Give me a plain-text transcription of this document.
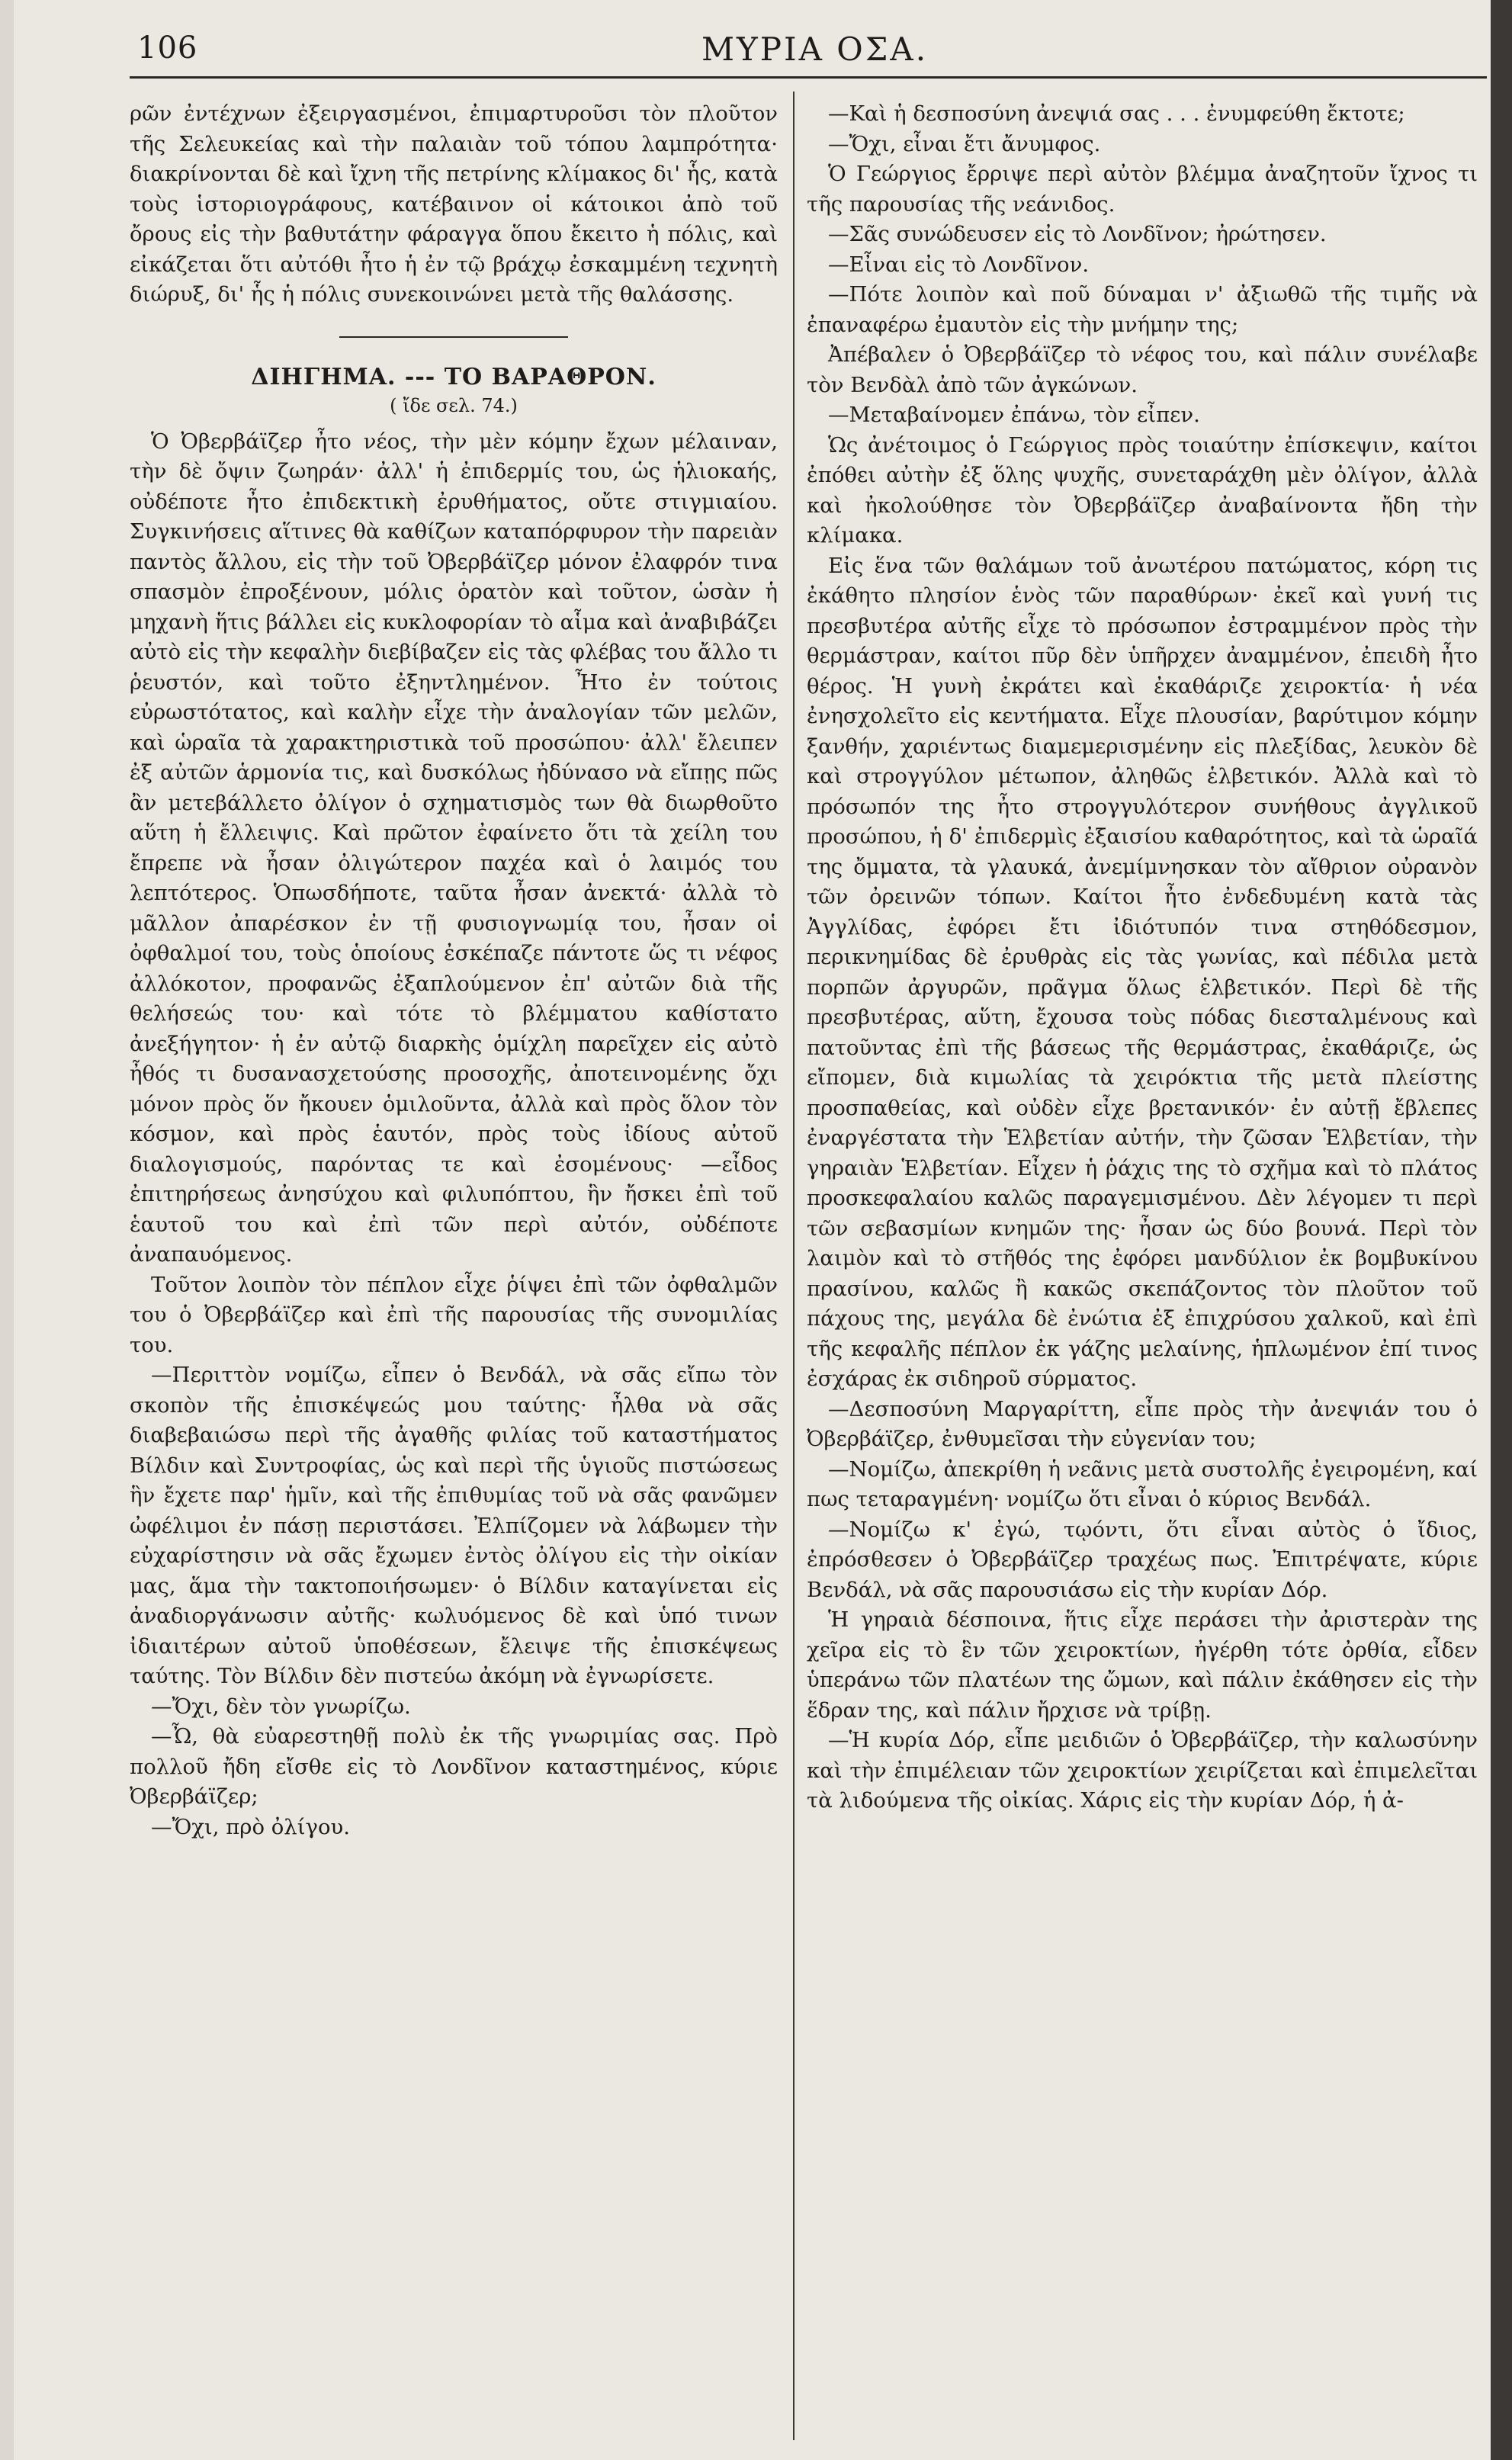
106	ΜΥΡΙΑ ΟΣΑ.

ρῶν ἐντέχνων ἐξειργασμένοι, ἐπιμαρτυροῦσι τὸν πλοῦτον τῆς Σελευκείας καὶ τὴν παλαιὰν τοῦ τόπου λαμπρότητα· διακρίνονται δὲ καὶ ἴχνη τῆς πετρίνης κλίμακος δι' ἧς, κατὰ τοὺς ἱστοριογράφους, κατέβαινον οἱ κάτοικοι ἀπὸ τοῦ ὄρους εἰς τὴν βαθυτάτην φάραγγα ὅπου ἔκειτο ἡ πόλις, καὶ εἰκάζεται ὅτι αὐτόθι ἦτο ἡ ἐν τῷ βράχῳ ἐσκαμμένη τεχνητὴ διώρυξ, δι' ἧς ἡ πόλις συνεκοινώνει μετὰ τῆς θαλάσσης.

ΔΙΗΓΗΜΑ. --- ΤΟ ΒΑΡΑΘΡΟΝ.

( ἴδε σελ. 74.)

Ὁ Ὀβερβάϊζερ ἦτο νέος, τὴν μὲν κόμην ἔχων μέλαιναν, τὴν δὲ ὄψιν ζωηράν· ἀλλ' ἡ ἐπιδερμίς του, ὡς ἡλιοκαής, οὐδέποτε ἦτο ἐπιδεκτικὴ ἐρυθήματος, οὔτε στιγμιαίου. Συγκινήσεις αἵτινες θὰ καθίζων καταπόρφυρον τὴν παρειὰν παντὸς ἄλλου, εἰς τὴν τοῦ Ὀβερβάϊζερ μόνον ἐλαφρόν τινα σπασμὸν ἐπροξένουν, μόλις ὁρατὸν καὶ τοῦτον, ὡσὰν ἡ μηχανὴ ἥτις βάλλει εἰς κυκλοφορίαν τὸ αἷμα καὶ ἀναβιβάζει αὐτὸ εἰς τὴν κεφαλὴν διεβίβαζεν εἰς τὰς φλέβας του ἄλλο τι ῥευστόν, καὶ τοῦτο ἐξηντλημένον. Ἦτο ἐν τούτοις εὐρωστότατος, καὶ καλὴν εἶχε τὴν ἀναλογίαν τῶν μελῶν, καὶ ὡραῖα τὰ χαρακτηριστικὰ τοῦ προσώπου· ἀλλ' ἔλειπεν ἐξ αὐτῶν ἁρμονία τις, καὶ δυσκόλως ἠδύνασο νὰ εἴπῃς πῶς ἂν μετεβάλλετο ὀλίγον ὁ σχηματισμὸς των θὰ διωρθοῦτο αὕτη ἡ ἔλλειψις. Καὶ πρῶτον ἐφαίνετο ὅτι τὰ χείλη του ἔπρεπε νὰ ἦσαν ὀλιγώτερον παχέα καὶ ὁ λαιμός του λεπτότερος. Ὁπωσδήποτε, ταῦτα ἦσαν ἀνεκτά· ἀλλὰ τὸ μᾶλλον ἀπαρέσκον ἐν τῇ φυσιογνωμίᾳ του, ἦσαν οἱ ὀφθαλμοί του, τοὺς ὁποίους ἐσκέπαζε πάντοτε ὥς τι νέφος ἀλλόκοτον, προφανῶς ἐξαπλούμενον ἐπ' αὐτῶν διὰ τῆς θελήσεώς του· καὶ τότε τὸ βλέμματου καθίστατο ἀνεξήγητον· ἡ ἐν αὐτῷ διαρκὴς ὁμίχλη παρεῖχεν εἰς αὐτὸ ἦθός τι δυσανασχετούσης προσοχῆς, ἀποτεινομένης ὄχι μόνον πρὸς ὅν ἤκουεν ὁμιλοῦντα, ἀλλὰ καὶ πρὸς ὅλον τὸν κόσμον, καὶ πρὸς ἑαυτόν, πρὸς τοὺς ἰδίους αὐτοῦ διαλογισμούς, παρόντας τε καὶ ἐσομένους· —εἶδος ἐπιτηρήσεως ἀνησύχου καὶ φιλυπόπτου, ἣν ἤσκει ἐπὶ τοῦ ἑαυτοῦ του καὶ ἐπὶ τῶν περὶ αὐτόν, οὐδέποτε ἀναπαυόμενος.

Τοῦτον λοιπὸν τὸν πέπλον εἶχε ῥίψει ἐπὶ τῶν ὀφθαλμῶν του ὁ Ὀβερβάϊζερ καὶ ἐπὶ τῆς παρουσίας τῆς συνομιλίας του.

—Περιττὸν νομίζω, εἶπεν ὁ Βενδάλ, νὰ σᾶς εἴπω τὸν σκοπὸν τῆς ἐπισκέψεώς μου ταύτης· ἦλθα νὰ σᾶς διαβεβαιώσω περὶ τῆς ἀγαθῆς φιλίας τοῦ καταστήματος Βίλδιν καὶ Συντροφίας, ὡς καὶ περὶ τῆς ὑγιοῦς πιστώσεως ἣν ἔχετε παρ' ἡμῖν, καὶ τῆς ἐπιθυμίας τοῦ νὰ σᾶς φανῶμεν ὠφέλιμοι ἐν πάσῃ περιστάσει. Ἐλπίζομεν νὰ λάβωμεν τὴν εὐχαρίστησιν νὰ σᾶς ἔχωμεν ἐντὸς ὀλίγου εἰς τὴν οἰκίαν μας, ἅμα τὴν τακτοποιήσωμεν· ὁ Βίλδιν καταγίνεται εἰς ἀναδιοργάνωσιν αὐτῆς· κωλυόμενος δὲ καὶ ὑπό τινων ἰδιαιτέρων αὐτοῦ ὑποθέσεων, ἔλειψε τῆς ἐπισκέψεως ταύτης. Τὸν Βίλδιν δὲν πιστεύω ἀκόμη νὰ ἐγνωρίσετε.

—Ὄχι, δὲν τὸν γνωρίζω.

—Ὦ, θὰ εὐαρεστηθῇ πολὺ ἐκ τῆς γνωριμίας σας. Πρὸ πολλοῦ ἤδη εἴσθε εἰς τὸ Λονδῖνον καταστημένος, κύριε Ὀβερβάϊζερ;

—Ὄχι, πρὸ ὀλίγου.

—Καὶ ἡ δεσποσύνη ἀνεψιά σας . . . ἐνυμφεύθη ἔκτοτε;

—Ὄχι, εἶναι ἔτι ἄνυμφος.

Ὁ Γεώργιος ἔρριψε περὶ αὐτὸν βλέμμα ἀναζητοῦν ἴχνος τι τῆς παρουσίας τῆς νεάνιδος.

—Σᾶς συνώδευσεν εἰς τὸ Λονδῖνον; ἠρώτησεν.

—Εἶναι εἰς τὸ Λονδῖνον.

—Πότε λοιπὸν καὶ ποῦ δύναμαι ν' ἀξιωθῶ τῆς τιμῆς νὰ ἐπαναφέρω ἐμαυτὸν εἰς τὴν μνήμην της;

Ἀπέβαλεν ὁ Ὀβερβάϊζερ τὸ νέφος του, καὶ πάλιν συνέλαβε τὸν Βενδὰλ ἀπὸ τῶν ἀγκώνων.

—Μεταβαίνομεν ἐπάνω, τὸν εἶπεν.

Ὡς ἀνέτοιμος ὁ Γεώργιος πρὸς τοιαύτην ἐπίσκεψιν, καίτοι ἐπόθει αὐτὴν ἐξ ὅλης ψυχῆς, συνεταράχθη μὲν ὀλίγον, ἀλλὰ καὶ ἠκολούθησε τὸν Ὀβερβάϊζερ ἀναβαίνοντα ἤδη τὴν κλίμακα.

Εἰς ἕνα τῶν θαλάμων τοῦ ἀνωτέρου πατώματος, κόρη τις ἐκάθητο πλησίον ἑνὸς τῶν παραθύρων· ἐκεῖ καὶ γυνή τις πρεσβυτέρα αὐτῆς εἶχε τὸ πρόσωπον ἐστραμμένον πρὸς τὴν θερμάστραν, καίτοι πῦρ δὲν ὑπῆρχεν ἀναμμένον, ἐπειδὴ ἦτο θέρος. Ἡ γυνὴ ἐκράτει καὶ ἐκαθάριζε χειροκτία· ἡ νέα ἐνησχολεῖτο εἰς κεντήματα. Εἶχε πλουσίαν, βαρύτιμον κόμην ξανθήν, χαριέντως διαμεμερισμένην εἰς πλεξίδας, λευκὸν δὲ καὶ στρογγύλον μέτωπον, ἀληθῶς ἑλβετικόν. Ἀλλὰ καὶ τὸ πρόσωπόν της ἦτο στρογγυλότερον συνήθους ἀγγλικοῦ προσώπου, ἡ δ' ἐπιδερμὶς ἐξαισίου καθαρότητος, καὶ τὰ ὡραῖά της ὄμματα, τὰ γλαυκά, ἀνεμίμνησκαν τὸν αἴθριον οὐρανὸν τῶν ὀρεινῶν τόπων. Καίτοι ἦτο ἐνδεδυμένη κατὰ τὰς Ἀγγλίδας, ἐφόρει ἔτι ἰδιότυπόν τινα στηθόδεσμον, περικνημίδας δὲ ἐρυθρὰς εἰς τὰς γωνίας, καὶ πέδιλα μετὰ πορπῶν ἀργυρῶν, πρᾶγμα ὅλως ἑλβετικόν. Περὶ δὲ τῆς πρεσβυτέρας, αὕτη, ἔχουσα τοὺς πόδας διεσταλμένους καὶ πατοῦντας ἐπὶ τῆς βάσεως τῆς θερμάστρας, ἐκαθάριζε, ὡς εἴπομεν, διὰ κιμωλίας τὰ χειρόκτια τῆς μετὰ πλείστης προσπαθείας, καὶ οὐδὲν εἶχε βρετανικόν· ἐν αὐτῇ ἔβλεπες ἐναργέστατα τὴν Ἑλβετίαν αὐτήν, τὴν ζῶσαν Ἑλβετίαν, τὴν γηραιὰν Ἑλβετίαν. Εἶχεν ἡ ῥάχις της τὸ σχῆμα καὶ τὸ πλάτος προσκεφαλαίου καλῶς παραγεμισμένου. Δὲν λέγομεν τι περὶ τῶν σεβασμίων κνημῶν της· ἦσαν ὡς δύο βουνά. Περὶ τὸν λαιμὸν καὶ τὸ στῆθός της ἐφόρει μανδύλιον ἐκ βομβυκίνου πρασίνου, καλῶς ἢ κακῶς σκεπάζοντος τὸν πλοῦτον τοῦ πάχους της, μεγάλα δὲ ἐνώτια ἐξ ἐπιχρύσου χαλκοῦ, καὶ ἐπὶ τῆς κεφαλῆς πέπλον ἐκ γάζης μελαίνης, ἡπλωμένον ἐπί τινος ἐσχάρας ἐκ σιδηροῦ σύρματος.

—Δεσποσύνη Μαργαρίττη, εἶπε πρὸς τὴν ἀνεψιάν του ὁ Ὀβερβάϊζερ, ἐνθυμεῖσαι τὴν εὐγενίαν του;

—Νομίζω, ἀπεκρίθη ἡ νεᾶνις μετὰ συστολῆς ἐγειρομένη, καί πως τεταραγμένη· νομίζω ὅτι εἶναι ὁ κύριος Βενδάλ.

—Νομίζω κ' ἐγώ, τῳόντι, ὅτι εἶναι αὐτὸς ὁ ἴδιος, ἐπρόσθεσεν ὁ Ὀβερβάϊζερ τραχέως πως. Ἐπιτρέψατε, κύριε Βενδάλ, νὰ σᾶς παρουσιάσω εἰς τὴν κυρίαν Δόρ.

Ἡ γηραιὰ δέσποινα, ἥτις εἶχε περάσει τὴν ἀριστερὰν της χεῖρα εἰς τὸ ἓν τῶν χειροκτίων, ἠγέρθη τότε ὀρθία, εἶδεν ὑπεράνω τῶν πλατέων της ὤμων, καὶ πάλιν ἐκάθησεν εἰς τὴν ἕδραν της, καὶ πάλιν ἤρχισε νὰ τρίβῃ.

—Ἡ κυρία Δόρ, εἶπε μειδιῶν ὁ Ὀβερβάϊζερ, τὴν καλωσύνην καὶ τὴν ἐπιμέλειαν τῶν χειροκτίων χειρίζεται καὶ ἐπιμελεῖται τὰ λιδούμενα τῆς οἰκίας. Χάρις εἰς τὴν κυρίαν Δόρ, ἡ ἀ-
